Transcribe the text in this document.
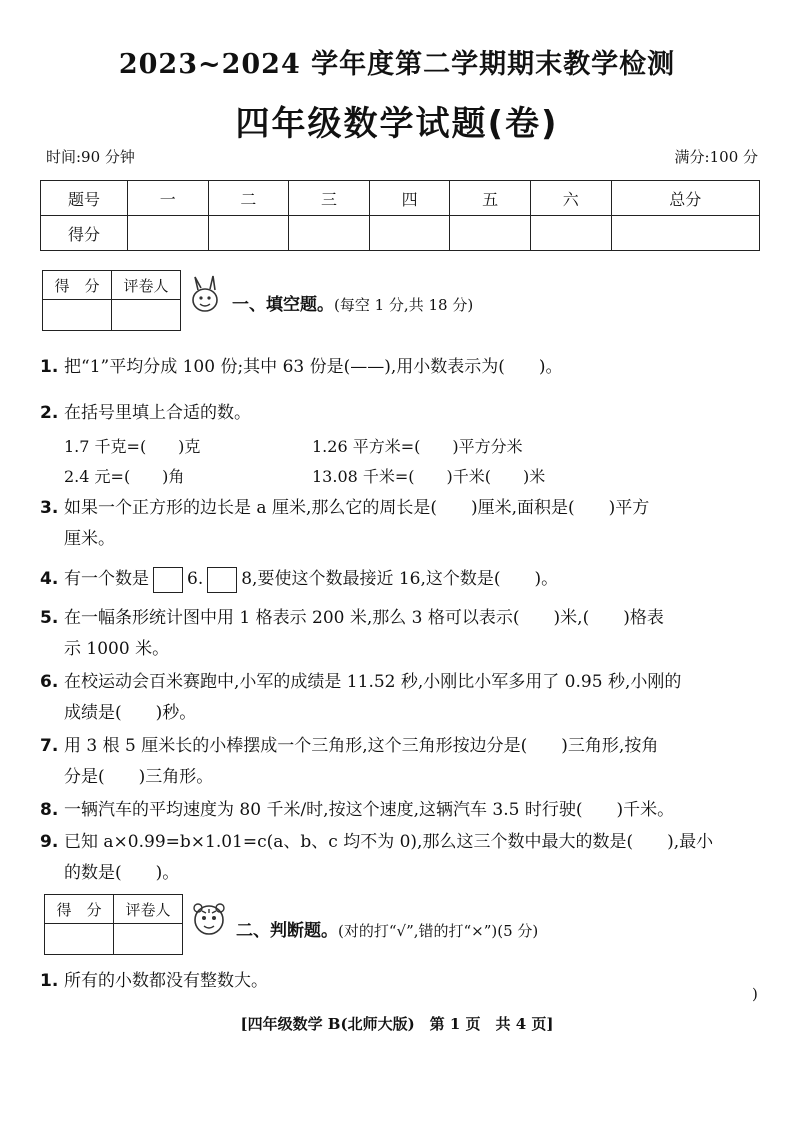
2023~2024 学年度第二学期期末教学检测
四年级数学试题(卷)
时间:90 分钟	满分:100 分
题号	一	二	三	四	五	六	总分
得分							
得　分	评卷人

一、填空题。(每空 1 分,共 18 分)
1. 把“1”平均分成 100 份;其中 63 份是(——),用小数表示为(　　)。
2. 在括号里填上合适的数。
1.7 千克=(　　)克	1.26 平方米=(　　)平方分米
2.4 元=(　　)角	13.08 千米=(　　)千米(　　)米
3. 如果一个正方形的边长是 a 厘米,那么它的周长是(　　)厘米,面积是(　　)平方
厘米。
4. 有一个数是 6. 8,要使这个数最接近 16,这个数是(　　)。
5. 在一幅条形统计图中用 1 格表示 200 米,那么 3 格可以表示(　　)米,(　　)格表
示 1000 米。
6. 在校运动会百米赛跑中,小军的成绩是 11.52 秒,小刚比小军多用了 0.95 秒,小刚的
成绩是(　　)秒。
7. 用 3 根 5 厘米长的小棒摆成一个三角形,这个三角形按边分是(　　)三角形,按角
分是(　　)三角形。
8. 一辆汽车的平均速度为 80 千米/时,按这个速度,这辆汽车 3.5 时行驶(　　)千米。
9. 已知 a×0.99=b×1.01=c(a、b、c 均不为 0),那么这三个数中最大的数是(　　),最小
的数是(　　)。
得　分	评卷人

二、判断题。(对的打“√”,错的打“×”)(5 分)
1. 所有的小数都没有整数大。
)
[四年级数学 B(北师大版)　第 1 页　共 4 页]
